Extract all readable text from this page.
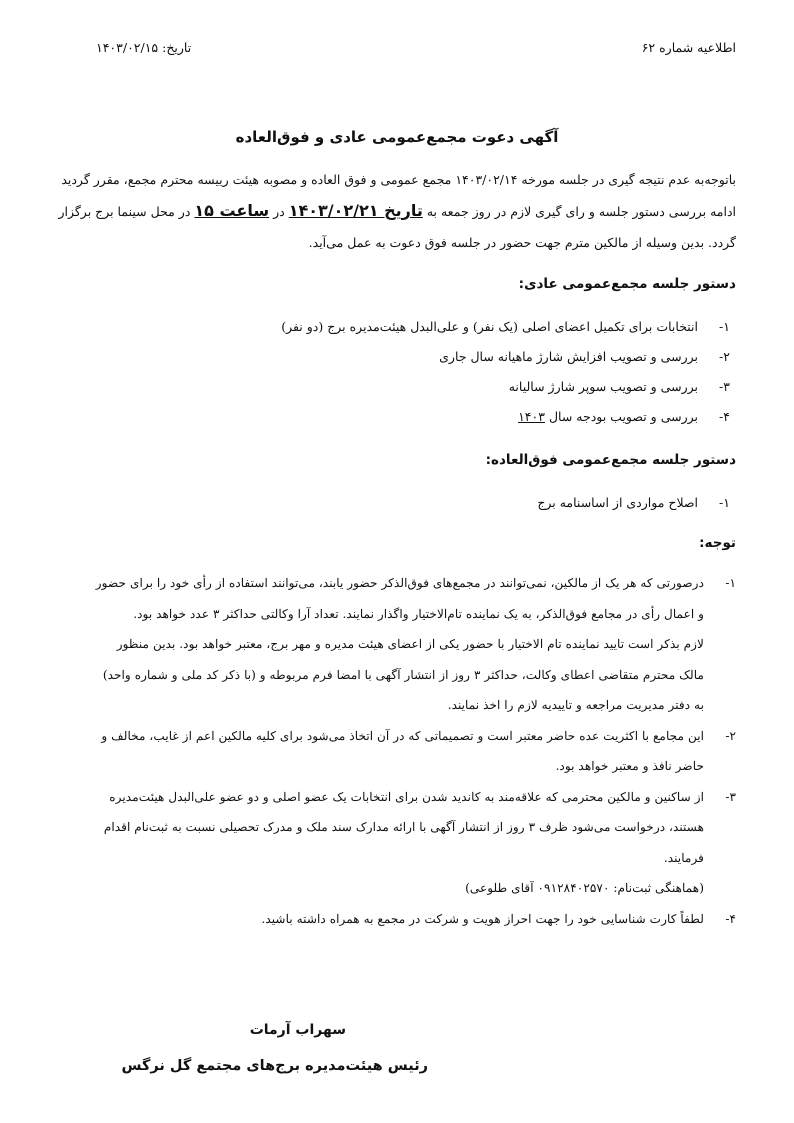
اطلاعیه شماره ۶۲
تاریخ: ۱۴۰۳/۰۲/۱۵
آگهی دعوت مجمع‌عمومی عادی و فوق‌العاده
باتوجه‌به عدم نتیجه گیری در جلسه مورخه ۱۴۰۳/۰۲/۱۴ مجمع عمومی و فوق العاده و مصوبه هیئت رییسه محترم مجمع، مقرر گردید
ادامه بررسی دستور جلسه و رای گیری لازم در روز جمعه به تاریخ ۱۴۰۳/۰۲/۲۱ در ساعت ۱۵ در محل سینما برج برگزار
گردد. بدین وسیله از مالکین مترم جهت حضور در جلسه فوق دعوت به عمل می‌آید.
دستور جلسه مجمع‌عمومی عادی:
۱-انتخابات برای تکمیل اعضای اصلی (یک نفر) و علی‌البدل هیئت‌مدیره برج (دو نفر)
۲-بررسی و تصویب افزایش شارژ ماهیانه سال جاری
۳-بررسی و تصویب سوپر شارژ سالیانه
۴-بررسی و تصویب بودجه سال ۱۴۰۳
دستور جلسه مجمع‌عمومی فوق‌العاده:
۱-اصلاح مواردی از اساسنامه برج
توجه:
۱-
درصورتی که هر یک از مالکین، نمی‌توانند در مجمع‌های فوق‌الذکر حضور یابند، می‌توانند استفاده از رأی خود را برای حضور
و اعمال رأی در مجامع فوق‌الذکر، به یک نماینده تام‌الاختیار واگذار نمایند. تعداد آرا وکالتی حداکثر ۳ عدد خواهد بود.
لازم بذکر است تایید نماینده تام الاختیار با حضور یکی از اعضای هیئت مدیره و مهر برج، معتبر خواهد بود. بدین منظور
مالک محترم متقاضی اعطای وکالت، حداکثر ۳ روز از انتشار آگهی با امضا فرم مربوطه و (با ذکر کد ملی و شماره واحد)
به دفتر مدیریت مراجعه و تاییدیه لازم را اخذ نمایند.
۲-
این مجامع با اکثریت عده حاضر معتبر است و تصمیماتی که در آن اتخاذ می‌شود برای کلیه مالکین اعم از غایب، مخالف و
حاضر نافذ و معتبر خواهد بود.
۳-
از ساکنین و مالکین محترمی که علاقه‌مند به کاندید شدن برای انتخابات یک عضو اصلی و دو عضو علی‌البدل هیئت‌مدیره
هستند، درخواست می‌شود ظرف ۳ روز از انتشار آگهی با ارائه مدارک سند ملک و مدرک تحصیلی نسبت به ثبت‌نام اقدام
فرمایند.
(هماهنگی ثبت‌نام: ۰۹۱۲۸۴۰۲۵۷۰ آقای طلوعی)
۴-
لطفاً کارت شناسایی خود را جهت احراز هویت و شرکت در مجمع به همراه داشته باشید.
سهراب آرمات
رئیس هیئت‌مدیره برج‌های مجتمع گل نرگس
